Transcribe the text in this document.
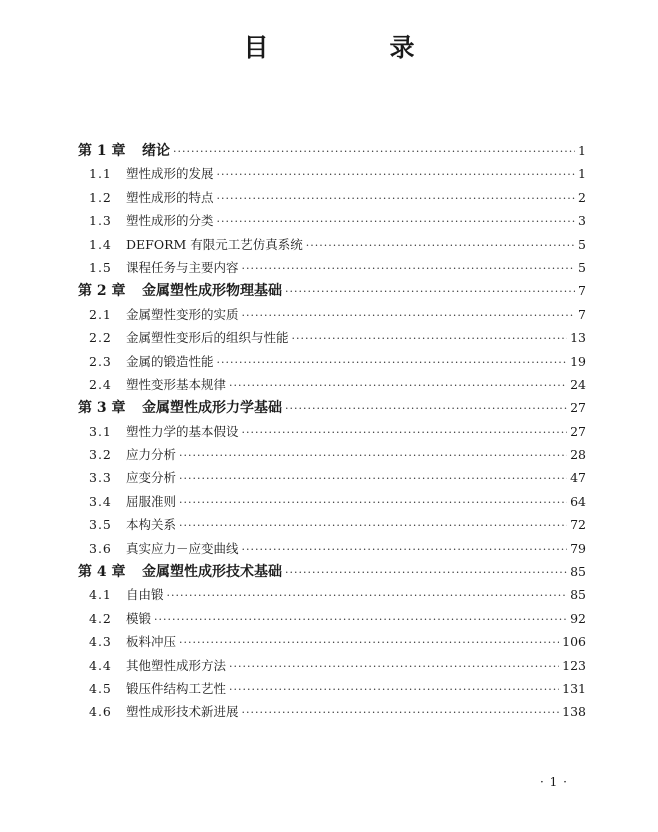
目　录
第 1 章	绪论 ·····	1
1.1	塑性成形的发展 ·····	1
1.2	塑性成形的特点 ·····	2
1.3	塑性成形的分类 ·····	3
1.4	DEFORM 有限元工艺仿真系统 ·····	5
1.5	课程任务与主要内容 ·····	5
第 2 章	金属塑性成形物理基础 ·····	7
2.1	金属塑性变形的实质 ·····	7
2.2	金属塑性变形后的组织与性能 ·····	13
2.3	金属的锻造性能 ·····	19
2.4	塑性变形基本规律 ·····	24
第 3 章	金属塑性成形力学基础 ·····	27
3.1	塑性力学的基本假设 ·····	27
3.2	应力分析 ·····	28
3.3	应变分析 ·····	47
3.4	屈服准则 ·····	64
3.5	本构关系 ·····	72
3.6	真实应力－应变曲线 ·····	79
第 4 章	金属塑性成形技术基础 ·····	85
4.1	自由锻 ·····	85
4.2	模锻 ·····	92
4.3	板料冲压 ·····	106
4.4	其他塑性成形方法 ·····	123
4.5	锻压件结构工艺性 ·····	131
4.6	塑性成形技术新进展 ·····	138
· 1 ·
